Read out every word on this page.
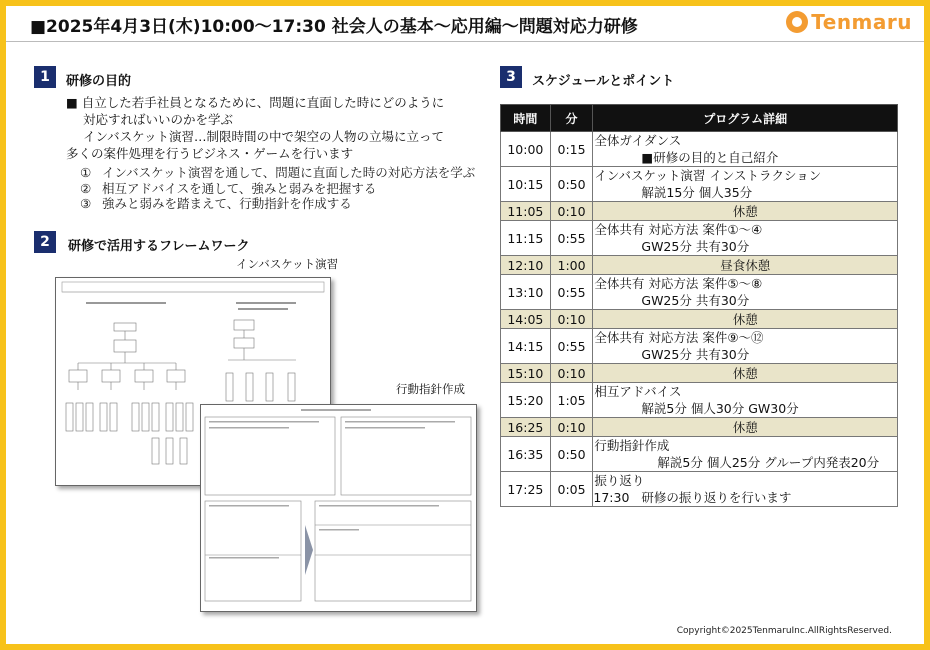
■2025年4月3日(木)10:00～17:30 社会人の基本～応用編～問題対応力研修	Tenmaru
1	研修の目的
■ 自立した若手社員となるために、問題に直面した時にどのように
対応すればいいのかを学ぶ
インバスケット演習…制限時間の中で架空の人物の立場に立って
多くの案件処理を行うビジネス・ゲームを行います
① インバスケット演習を通して、問題に直面した時の対応方法を学ぶ
② 相互アドバイスを通して、強みと弱みを把握する
③ 強みと弱みを踏まえて、行動指針を作成する
2	研修で活用するフレームワーク
インバスケット演習
行動指針作成
3	スケジュールとポイント
時間	分	プログラム詳細
10:00	0:15	全体ガイダンス
■研修の目的と自己紹介

10:15	0:50	インバスケット演習 インストラクション
解説15分 個人35分

11:05	0:10	休憩
11:15	0:55	全体共有 対応方法 案件①～④
GW25分 共有30分

12:10	1:00	昼食休憩
13:10	0:55	全体共有 対応方法 案件⑤～⑧
GW25分 共有30分

14:05	0:10	休憩
14:15	0:55	全体共有 対応方法 案件⑨～⑫
GW25分 共有30分

15:10	0:10	休憩
15:20	1:05	相互アドバイス
解説5分 個人30分 GW30分

16:25	0:10	休憩
16:35	0:50	行動指針作成
解説5分 個人25分 グループ内発表20分

17:25	0:05	振り返り
17:30 研修の振り返りを行います
Copyright©2025TenmaruInc.AllRightsReserved.
